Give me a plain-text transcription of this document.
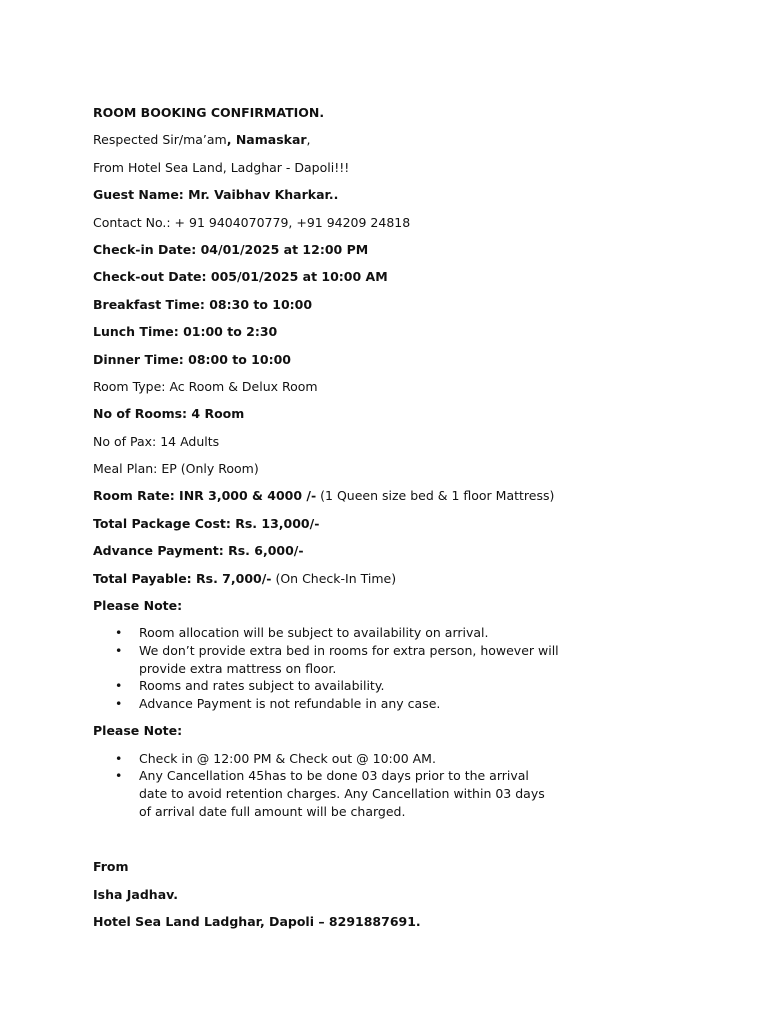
ROOM BOOKING CONFIRMATION.
Respected Sir/ma’am, Namaskar,
From Hotel Sea Land, Ladghar - Dapoli!!!
Guest Name: Mr. Vaibhav Kharkar..
Contact No.: + 91 9404070779, +91 94209 24818
Check-in Date: 04/01/2025 at 12:00 PM
Check-out Date: 005/01/2025 at 10:00 AM
Breakfast Time: 08:30 to 10:00
Lunch Time: 01:00 to 2:30
Dinner Time: 08:00 to 10:00
Room Type: Ac Room & Delux Room
No of Rooms: 4 Room
No of Pax: 14 Adults
Meal Plan: EP (Only Room)
Room Rate: INR 3,000 & 4000 /- (1 Queen size bed & 1 floor Mattress)
Total Package Cost: Rs. 13,000/-
Advance Payment: Rs. 6,000/-
Total Payable: Rs. 7,000/- (On Check-In Time)
Please Note:
• Room allocation will be subject to availability on arrival.
• We don’t provide extra bed in rooms for extra person, however will provide extra mattress on floor.
• Rooms and rates subject to availability.
• Advance Payment is not refundable in any case.
Please Note:
• Check in @ 12:00 PM & Check out @ 10:00 AM.
• Any Cancellation 45has to be done 03 days prior to the arrival date to avoid retention charges. Any Cancellation within 03 days of arrival date full amount will be charged.
From
Isha Jadhav.
Hotel Sea Land Ladghar, Dapoli – 8291887691.
